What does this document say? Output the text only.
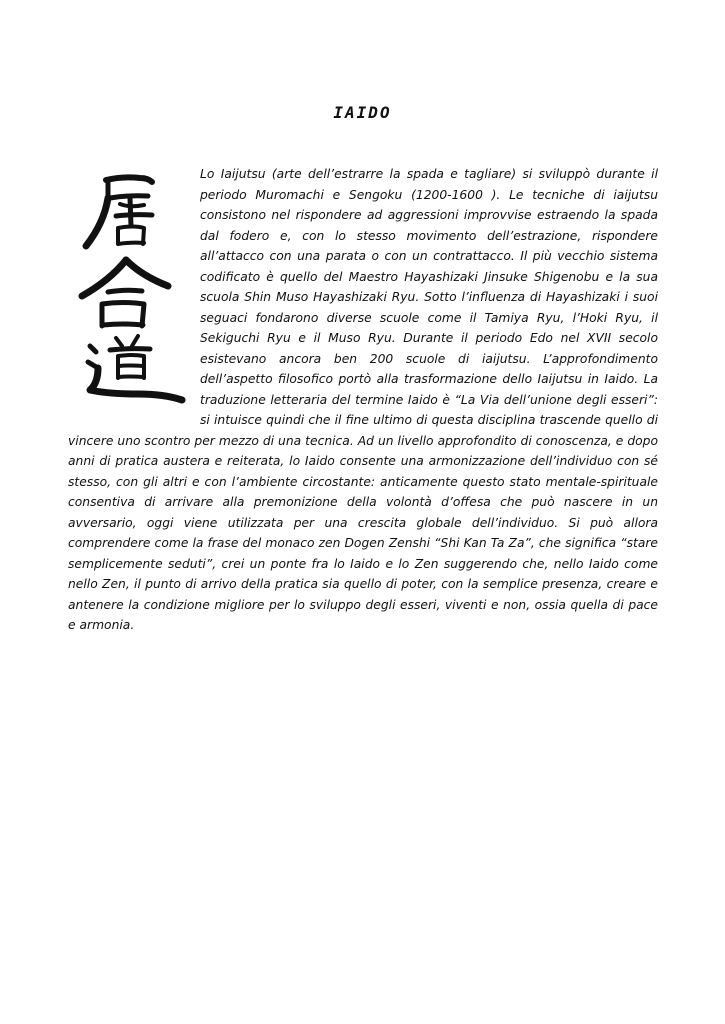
IAIDO
Lo Iaijutsu (arte dell’estrarre la spada e tagliare) si sviluppò durante il periodo Muromachi e Sengoku (1200-1600 ). Le tecniche di iaijutsu consistono nel rispondere ad aggressioni improvvise estraendo la spada dal fodero e, con lo stesso movimento dell’estrazione, rispondere all’attacco con una parata o con un contrattacco. Il più vecchio sistema codificato è quello del Maestro Hayashizaki Jinsuke Shigenobu e la sua scuola Shin Muso Hayashizaki Ryu. Sotto l’influenza di Hayashizaki i suoi seguaci fondarono diverse scuole come il Tamiya Ryu, l’Hoki Ryu, il Sekiguchi Ryu e il Muso Ryu. Durante il periodo Edo nel XVII secolo esistevano ancora ben 200 scuole di iaijutsu. L’approfondimento dell’aspetto filosofico portò alla trasformazione dello Iaijutsu in Iaido. La traduzione letteraria del termine Iaido è “La Via dell’unione degli esseri”: si intuisce quindi che il fine ultimo di questa disciplina trascende quello di vincere uno scontro per mezzo di una tecnica. Ad un livello approfondito di conoscenza, e dopo anni di pratica austera e reiterata, lo Iaido consente una armonizzazione dell’individuo con sé stesso, con gli altri e con l’ambiente circostante: anticamente questo stato mentale-spirituale consentiva di arrivare alla premonizione della volontà d’offesa che può nascere in un avversario, oggi viene utilizzata per una crescita globale dell’individuo. Si può allora comprendere come la frase del monaco zen Dogen Zenshi “Shi Kan Ta Za”, che significa “stare semplicemente seduti”, crei un ponte fra lo Iaido e lo Zen suggerendo che, nello Iaido come nello Zen, il punto di arrivo della pratica sia quello di poter, con la semplice presenza, creare e antenere la condizione migliore per lo sviluppo degli esseri, viventi e non, ossia quella di pace e armonia.
